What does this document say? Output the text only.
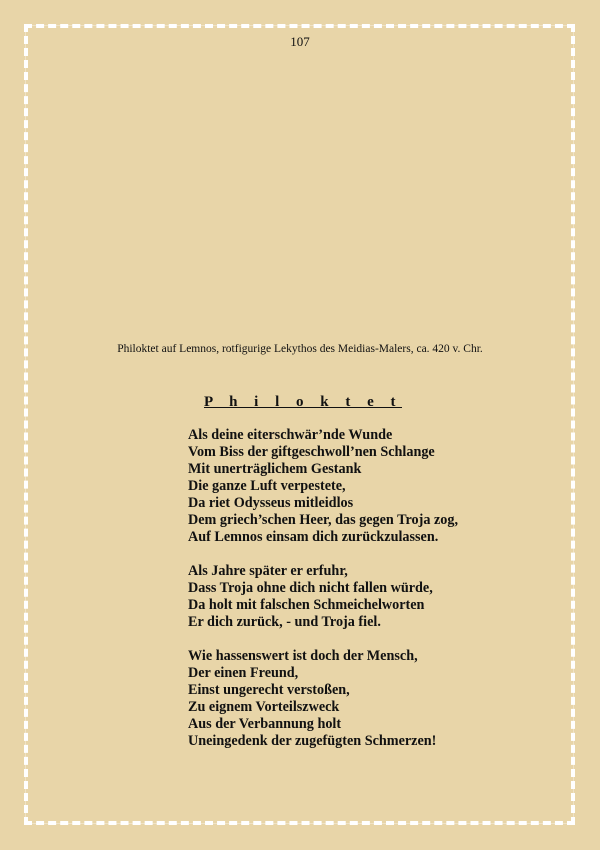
107
Philoktet auf Lemnos, rotfigurige Lekythos des Meidias-Malers, ca. 420 v. Chr.
P h i l o k t e t
Als deine eiterschwär’nde Wunde
Vom Biss der giftgeschwoll’nen Schlange
Mit unerträglichem Gestank
Die ganze Luft verpestete,
Da riet Odysseus mitleidlos
Dem griech’schen Heer, das gegen Troja zog,
Auf Lemnos einsam dich zurückzulassen.
Als Jahre später er erfuhr,
Dass Troja ohne dich nicht fallen würde,
Da holt mit falschen Schmeichelworten
Er dich zurück, - und Troja fiel.
Wie hassenswert ist doch der Mensch,
Der einen Freund,
Einst ungerecht verstoßen,
Zu eignem Vorteilszweck
Aus der Verbannung holt
Uneingedenk der zugefügten Schmerzen!
